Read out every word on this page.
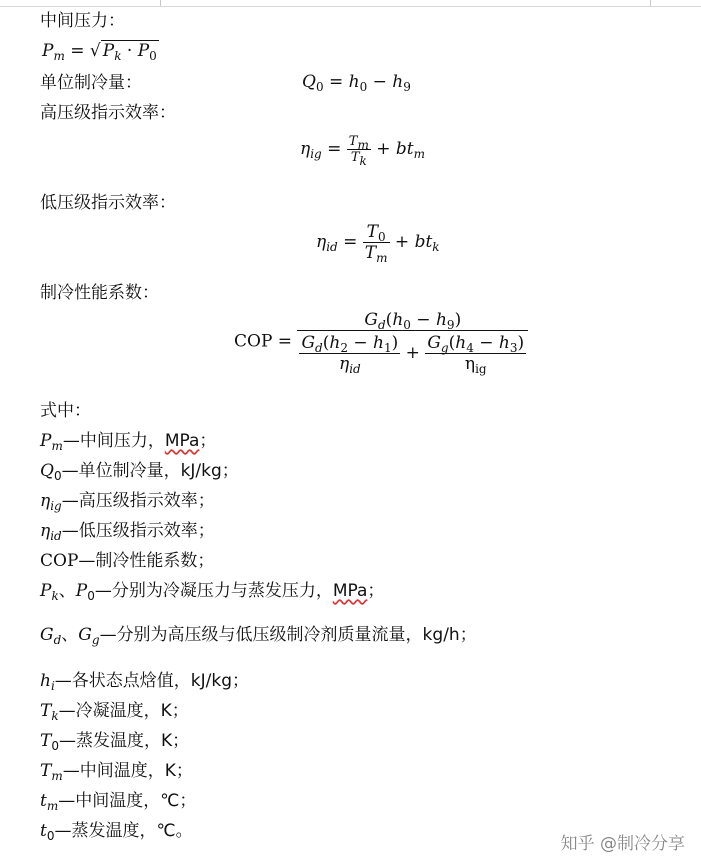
中间压力：
$P_m$ = √ $P_k \cdot P_0$
单位制冷量：	$Q_0 = h_0 - h_9$
高压级指示效率：
$\eta_{ig} = \frac{T_m}{T_k} + bt_m$
低压级指示效率：
$\eta_{id} = \frac{T_0}{T_m} + bt_k$
制冷性能系数：
COP = $\frac{G_d(h_0 - h_9)}{\frac{G_d(h_2 - h_1)}{\eta_{id}} + \frac{G_g(h_4 - h_3)}{\eta_{ig}}}$
式中：
$P_m—$中间压力，MPa；
$Q_0—$单位制冷量，kJ/kg；
$\eta_{ig}—$高压级指示效率；
$\eta_{id}—$低压级指示效率；
COP—制冷性能系数；
$P_k$、$P_0—$分别为冷凝压力与蒸发压力，MPa；
$G_d$、$G_g—$分别为高压级与低压级制冷剂质量流量，kg/h；
$h_i—$各状态点焓值，kJ/kg；
$T_k—$冷凝温度，K；
$T_0—$蒸发温度，K；
$T_m—$中间温度，K；
$t_m—$中间温度，℃；
$t_0—$蒸发温度，℃。
知乎 @制冷分享
